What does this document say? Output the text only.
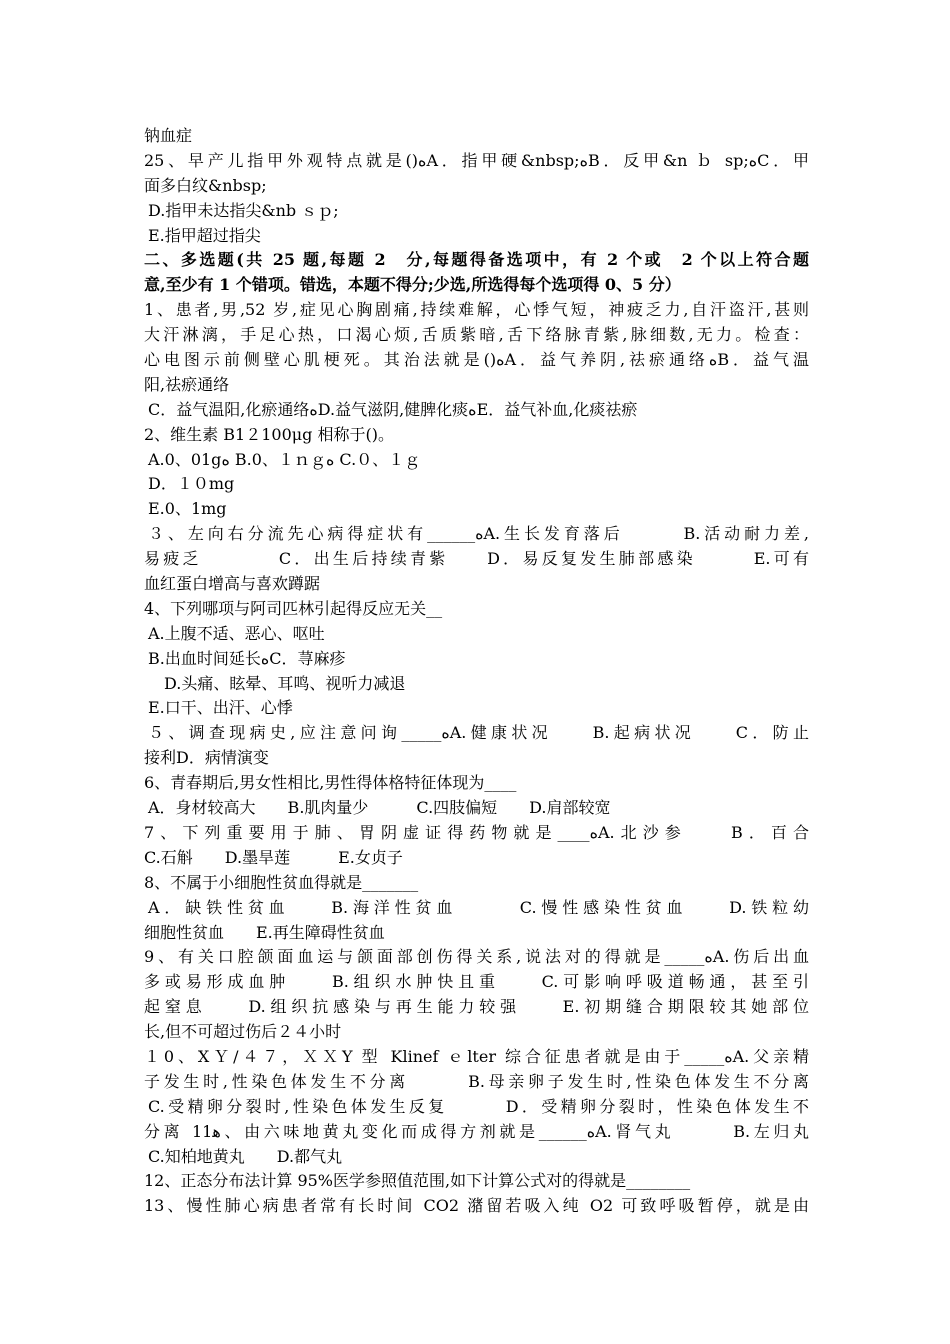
钠血症
25、早产儿指甲外观特点就是()ﻩA．指甲硬&nbsp;ﻩB．反甲&n ｂ sp;ﻩC．甲
面多白纹&nbsp;
D.指甲未达指尖&nb ｓｐ;
E.指甲超过指尖
二、多选题(共 25 题,每题 2　分,每题得备选项中，有 2 个或　2 个以上符合题
意,至少有 1 个错项。错选，本题不得分;少选,所选得每个选项得 0、5 分）
1、患者,男,52 岁,症见心胸剧痛,持续难解，心悸气短，神疲乏力,自汗盗汗,甚则
大汗淋漓，手足心热，口渴心烦,舌质紫暗,舌下络脉青紫,脉细数,无力。检查：
心电图示前侧壁心肌梗死。其治法就是()ﻩA．益气养阴,祛瘀通络ﻩB．益气温
阳,祛瘀通络
C．益气温阳,化瘀通络ﻩD.益气滋阴,健脾化痰ﻩE．益气补血,化痰祛瘀
2、维生素 B1２100μg 相称于()。
A.0、01gﻩ B.0、１ｎｇﻩ C.０、１ｇ
D．１０mg
E.0、1mg
３、左向右分流先心病得症状有______ﻩA.生长发育落后　　　B.活动耐力差,
易疲乏　　　　C．出生后持续青紫　　D．易反复发生肺部感染　　　E.可有
血红蛋白增高与喜欢蹲踞
4、下列哪项与阿司匹林引起得反应无关__
A.上腹不适、恶心、呕吐
B.出血时间延长ﻩC．荨麻疹
D.头痛、眩晕、耳鸣、视听力减退
E.口干、出汗、心悸
５、调查现病史,应注意问询_____ﻩA.健康状况　　B.起病状况　　C．防止
接利D．病情演变
6、青春期后,男女性相比,男性得体格特征体现为____
A．身材较高大　　B.肌肉量少　　　C.四肢偏短　　D.肩部较宽
7、下列重要用于肺、胃阴虚证得药物就是____ﻩA.北沙参　　B．百合
C.石斛　　D.墨旱莲　　　E.女贞子
8、不属于小细胞性贫血得就是_______
A．缺铁性贫血　　B.海洋性贫血　　　C.慢性感染性贫血　　D.铁粒幼
细胞性贫血　　E.再生障碍性贫血
9、有关口腔颌面血运与颌面部创伤得关系,说法对的得就是_____ﻩA.伤后出血
多或易形成血肿　　B.组织水肿快且重　　C.可影响呼吸道畅通，甚至引
起窒息　　D.组织抗感染与再生能力较强　　E.初期缝合期限较其她部位
长,但不可超过伤后２４小时
１0、XＹ/４７，ＸＸY 型 Klinef ｅlter 综合征患者就是由于_____ﻩA.父亲精
子发生时,性染色体发生不分离　　　B.母亲卵子发生时,性染色体发生不分离
C.受精卵分裂时,性染色体发生反复　　　D．受精卵分裂时，性染色体发生不
分离 11ﻫ、由六味地黄丸变化而成得方剂就是______ﻩA.肾气丸　　　B.左归丸
C.知柏地黄丸　　D.都气丸
12、正态分布法计算 95%医学参照值范围,如下计算公式对的得就是________
13、慢性肺心病患者常有长时间 CO2 潴留若吸入纯 O2 可致呼吸暂停，就是由
